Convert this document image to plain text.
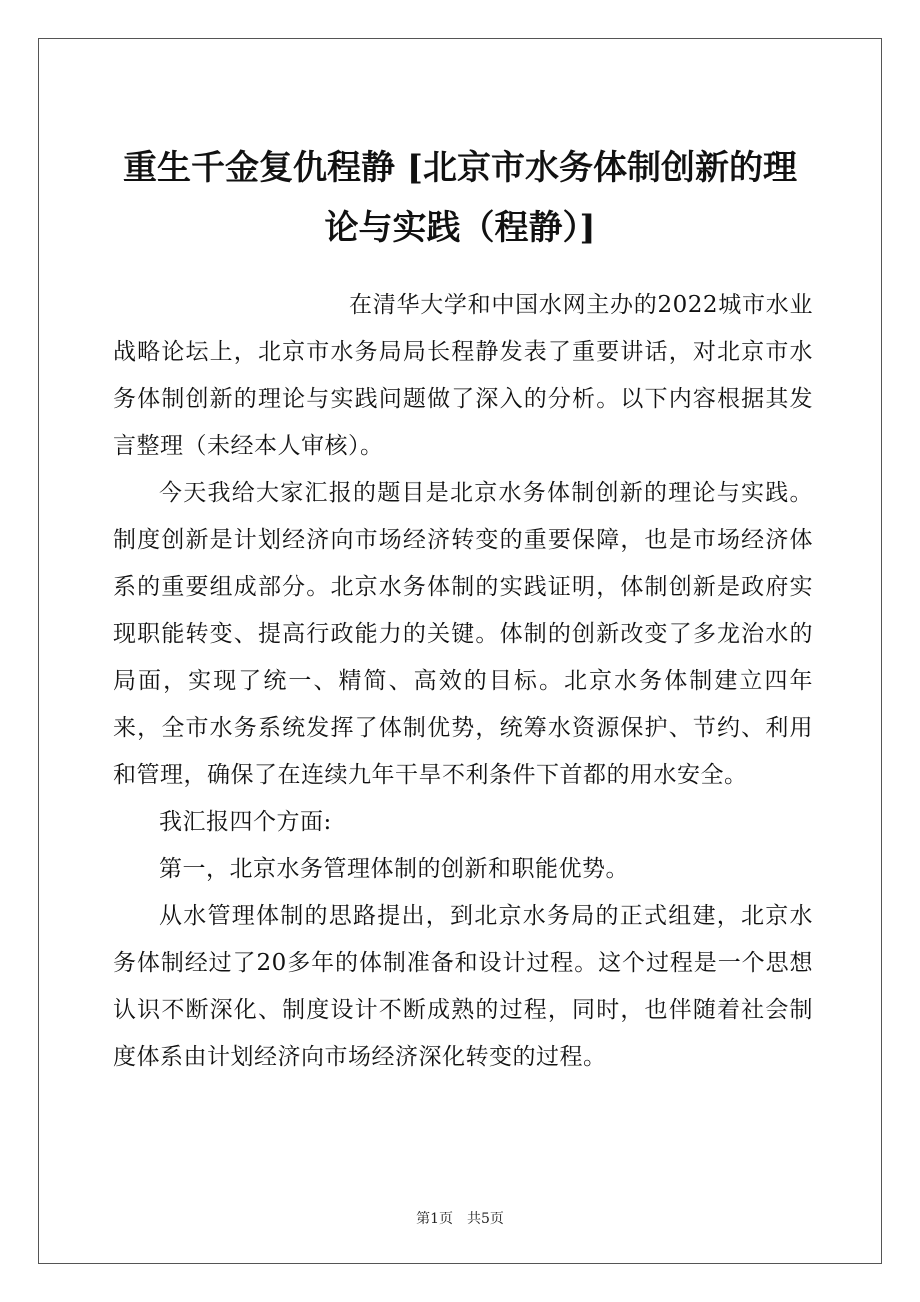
重生千金复仇程静 [北京市水务体制创新的理
论与实践（程静）]

在清华大学和中国水网主办的2022城市水业战略论坛上，北京市水务局局长程静发表了重要讲话，对北京市水务体制创新的理论与实践问题做了深入的分析。以下内容根据其发言整理（未经本人审核）。

今天我给大家汇报的题目是北京水务体制创新的理论与实践。制度创新是计划经济向市场经济转变的重要保障，也是市场经济体系的重要组成部分。北京水务体制的实践证明，体制创新是政府实现职能转变、提高行政能力的关键。体制的创新改变了多龙治水的局面，实现了统一、精简、高效的目标。北京水务体制建立四年来，全市水务系统发挥了体制优势，统筹水资源保护、节约、利用和管理，确保了在连续九年干旱不利条件下首都的用水安全。

我汇报四个方面:

第一，北京水务管理体制的创新和职能优势。

从水管理体制的思路提出，到北京水务局的正式组建，北京水务体制经过了20多年的体制准备和设计过程。这个过程是一个思想认识不断深化、制度设计不断成熟的过程，同时，也伴随着社会制度体系由计划经济向市场经济深化转变的过程。

第1页　共5页
